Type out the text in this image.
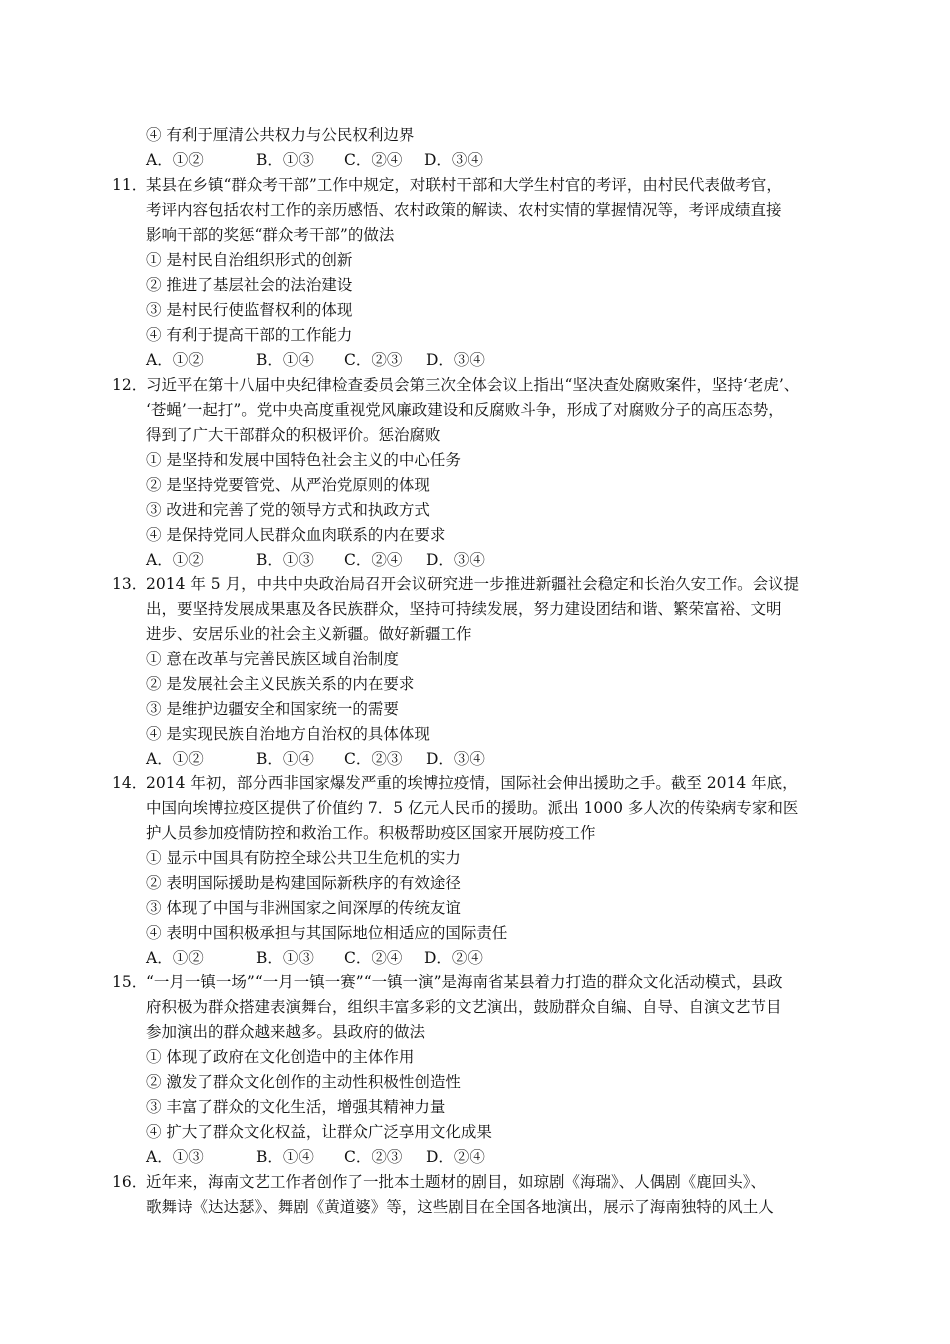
④ 有利于厘清公共权力与公民权利边界
A．①②	B．①③ C．②④ D．③④
11．
某县在乡镇“群众考干部”工作中规定，对联村干部和大学生村官的考评，由村民代表做考官，
考评内容包括农村工作的亲历感悟、农村政策的解读、农村实情的掌握情况等，考评成绩直接
影响干部的奖惩“群众考干部”的做法
① 是村民自治组织形式的创新
② 推进了基层社会的法治建设
③ 是村民行使监督权利的体现
④ 有利于提高干部的工作能力
A．①②	B．①④ C．②③ D．③④
12．
习近平在第十八届中央纪律检查委员会第三次全体会议上指出“坚决查处腐败案件，坚持‘老虎’、
‘苍蝇’一起打”。党中央高度重视党风廉政建设和反腐败斗争，形成了对腐败分子的高压态势，
得到了广大干部群众的积极评价。惩治腐败
① 是坚持和发展中国特色社会主义的中心任务
② 是坚持党要管党、从严治党原则的体现
③ 改进和完善了党的领导方式和执政方式
④ 是保持党同人民群众血肉联系的内在要求
A．①②	B．①③ C．②④ D．③④
13．
2014 年 5 月，中共中央政治局召开会议研究进一步推进新疆社会稳定和长治久安工作。会议提
出，要坚持发展成果惠及各民族群众，坚持可持续发展，努力建设团结和谐、繁荣富裕、文明
进步、安居乐业的社会主义新疆。做好新疆工作
① 意在改革与完善民族区域自治制度
② 是发展社会主义民族关系的内在要求
③ 是维护边疆安全和国家统一的需要
④ 是实现民族自治地方自治权的具体体现
A．①②	B．①④ C．②③ D．③④
14．
2014 年初，部分西非国家爆发严重的埃博拉疫情，国际社会伸出援助之手。截至 2014 年底，
中国向埃博拉疫区提供了价值约 7．5 亿元人民币的援助。派出 1000 多人次的传染病专家和医
护人员参加疫情防控和救治工作。积极帮助疫区国家开展防疫工作
① 显示中国具有防控全球公共卫生危机的实力
② 表明国际援助是构建国际新秩序的有效途径
③ 体现了中国与非洲国家之间深厚的传统友谊
④ 表明中国积极承担与其国际地位相适应的国际责任
A．①②	B．①③ C．②④ D．②④
15．
“一月一镇一场”“一月一镇一赛”“一镇一演”是海南省某县着力打造的群众文化活动模式，县政
府积极为群众搭建表演舞台，组织丰富多彩的文艺演出，鼓励群众自编、自导、自演文艺节目
参加演出的群众越来越多。县政府的做法
① 体现了政府在文化创造中的主体作用
② 激发了群众文化创作的主动性积极性创造性
③ 丰富了群众的文化生活，增强其精神力量
④ 扩大了群众文化权益，让群众广泛享用文化成果
A．①③	B．①④ C．②③ D．②④
16．
近年来，海南文艺工作者创作了一批本土题材的剧目，如琼剧《海瑞》、人偶剧《鹿回头》、
歌舞诗《达达瑟》、舞剧《黄道婆》等，这些剧目在全国各地演出，展示了海南独特的风土人
